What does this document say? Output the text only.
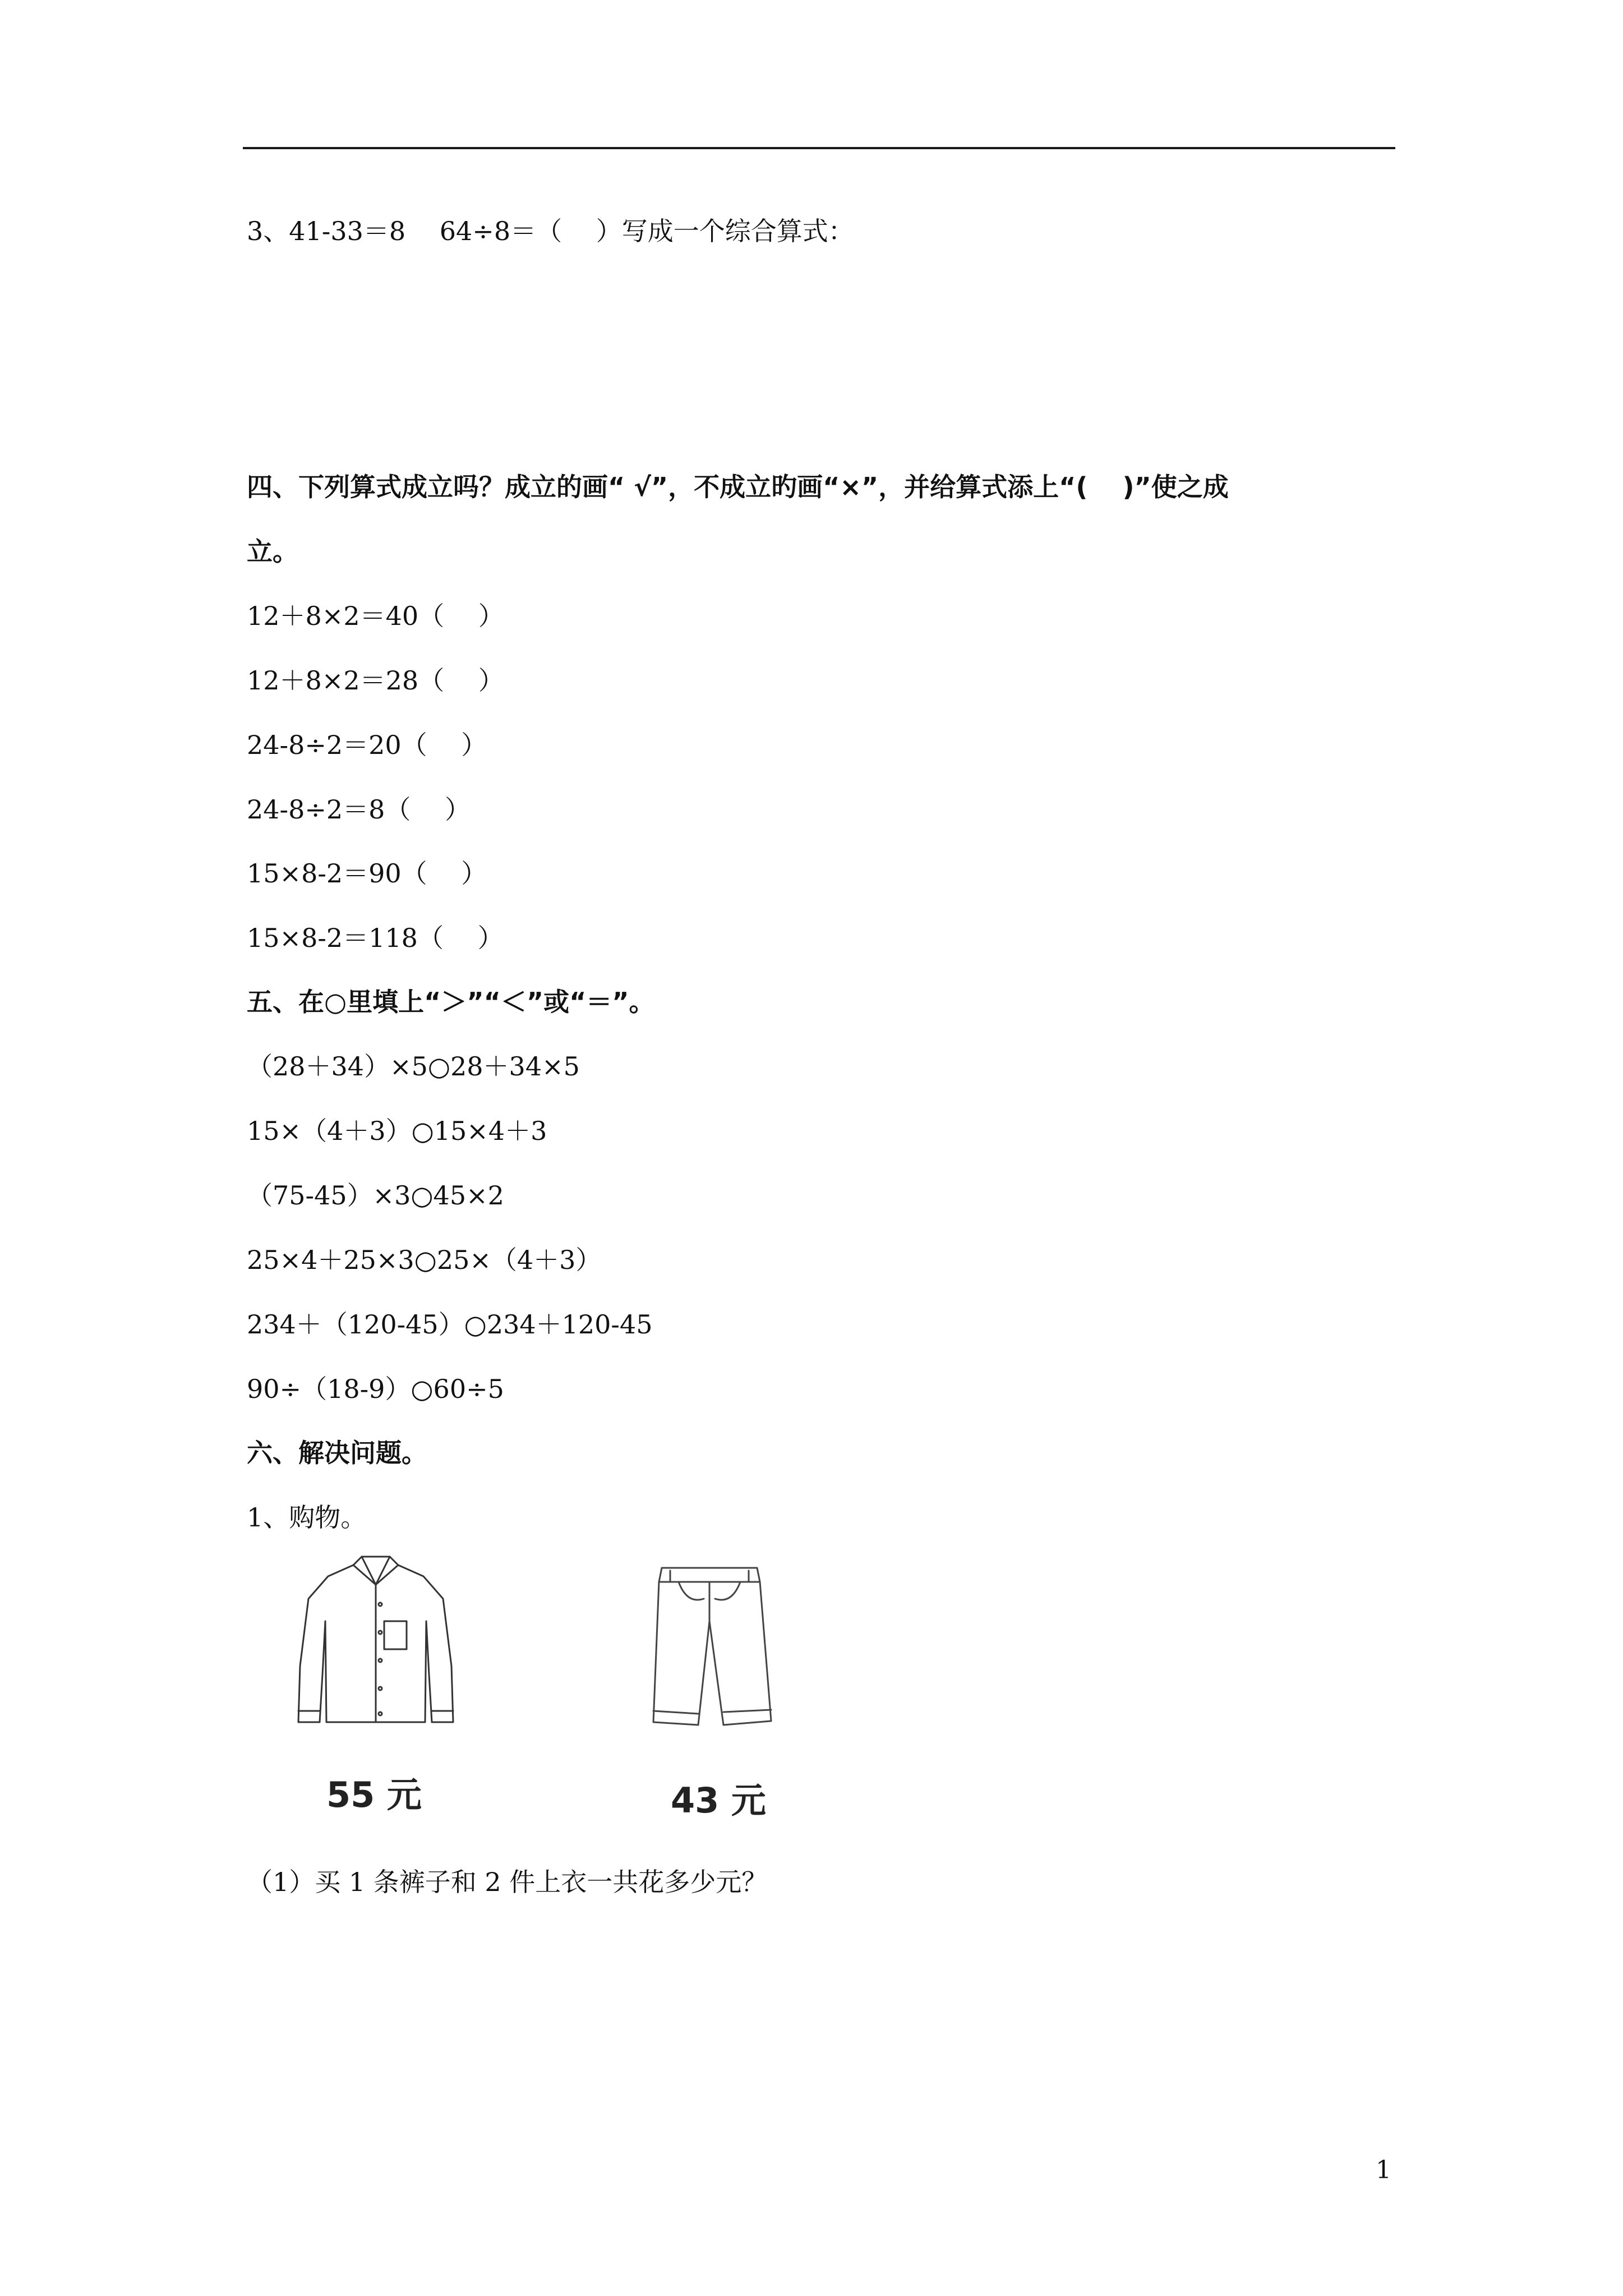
3、41-33＝8　 64÷8＝（　 ）写成一个综合算式：
四、下列算式成立吗？成立的画“ √”，不成立旳画“×”，并给算式添上“(　 )”使之成
立。
12＋8×2＝40（　 ）
12＋8×2＝28（　 ）
24-8÷2＝20（　 ）
24-8÷2＝8（　 ）
15×8-2＝90（　 ）
15×8-2＝118（　 ）
五、在○里填上“＞”“＜”或“＝”。
（28＋34）×5○28＋34×5
15×（4＋3）○15×4＋3
（75-45）×3○45×2
25×4＋25×3○25×（4＋3）
234＋（120-45）○234＋120-45
90÷（18-9）○60÷5
六、解决问题。
1、购物。
55 元	43 元
（1）买 1 条裤子和 2 件上衣一共花多少元？
1
